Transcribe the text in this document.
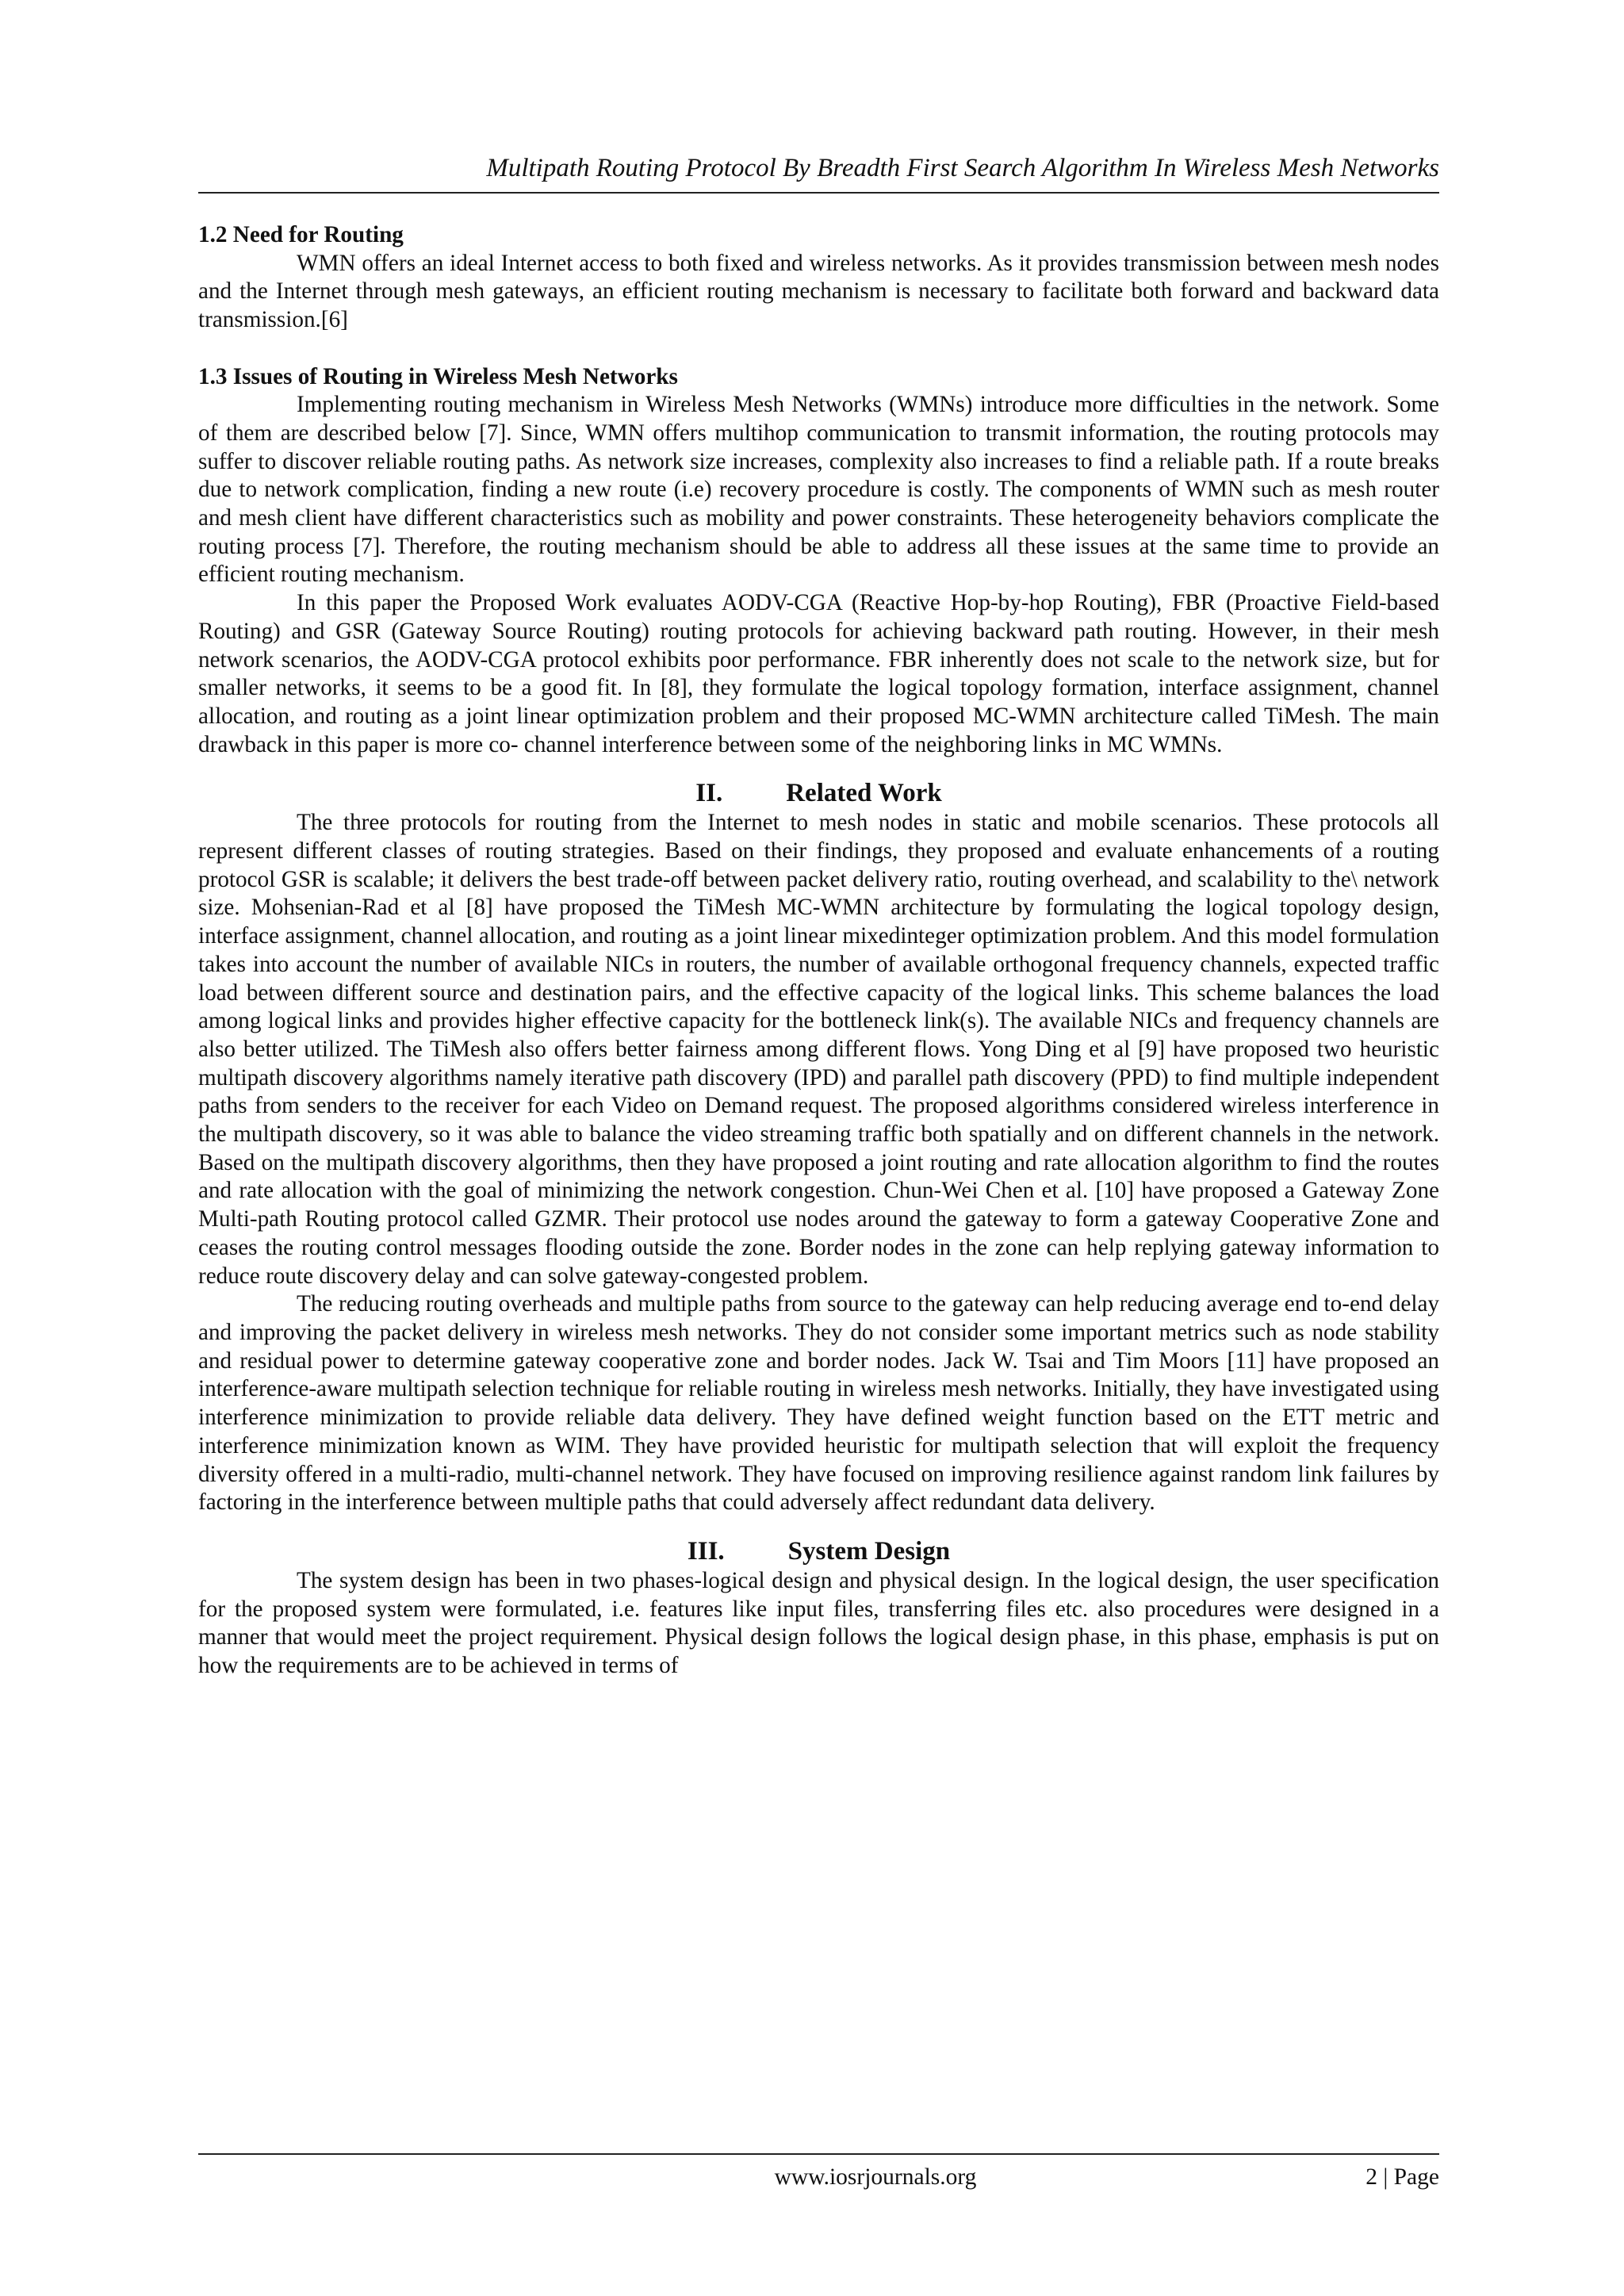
Multipath Routing Protocol By Breadth First Search Algorithm In Wireless Mesh Networks

1.2 Need for Routing

WMN offers an ideal Internet access to both fixed and wireless networks. As it provides transmission between mesh nodes and the Internet through mesh gateways, an efficient routing mechanism is necessary to facilitate both forward and backward data transmission.[6]

1.3 Issues of Routing in Wireless Mesh Networks

Implementing routing mechanism in Wireless Mesh Networks (WMNs) introduce more difficulties in the network. Some of them are described below [7]. Since, WMN offers multihop communication to transmit information, the routing protocols may suffer to discover reliable routing paths. As network size increases, complexity also increases to find a reliable path. If a route breaks due to network complication, finding a new route (i.e) recovery procedure is costly. The components of WMN such as mesh router and mesh client have different characteristics such as mobility and power constraints. These heterogeneity behaviors complicate the routing process [7]. Therefore, the routing mechanism should be able to address all these issues at the same time to provide an efficient routing mechanism.

In this paper the Proposed Work evaluates AODV-CGA (Reactive Hop-by-hop Routing), FBR (Proactive Field-based Routing) and GSR (Gateway Source Routing) routing protocols for achieving backward path routing. However, in their mesh network scenarios, the AODV-CGA protocol exhibits poor performance. FBR inherently does not scale to the network size, but for smaller networks, it seems to be a good fit. In [8], they formulate the logical topology formation, interface assignment, channel allocation, and routing as a joint linear optimization problem and their proposed MC-WMN architecture called TiMesh. The main drawback in this paper is more co- channel interference between some of the neighboring links in MC WMNs.

II. Related Work

The three protocols for routing from the Internet to mesh nodes in static and mobile scenarios. These protocols all represent different classes of routing strategies. Based on their findings, they proposed and evaluate enhancements of a routing protocol GSR is scalable; it delivers the best trade-off between packet delivery ratio, routing overhead, and scalability to the\ network size. Mohsenian-Rad et al [8] have proposed the TiMesh MC-WMN architecture by formulating the logical topology design, interface assignment, channel allocation, and routing as a joint linear mixedinteger optimization problem. And this model formulation takes into account the number of available NICs in routers, the number of available orthogonal frequency channels, expected traffic load between different source and destination pairs, and the effective capacity of the logical links. This scheme balances the load among logical links and provides higher effective capacity for the bottleneck link(s). The available NICs and frequency channels are also better utilized. The TiMesh also offers better fairness among different flows. Yong Ding et al [9] have proposed two heuristic multipath discovery algorithms namely iterative path discovery (IPD) and parallel path discovery (PPD) to find multiple independent paths from senders to the receiver for each Video on Demand request. The proposed algorithms considered wireless interference in the multipath discovery, so it was able to balance the video streaming traffic both spatially and on different channels in the network. Based on the multipath discovery algorithms, then they have proposed a joint routing and rate allocation algorithm to find the routes and rate allocation with the goal of minimizing the network congestion. Chun-Wei Chen et al. [10] have proposed a Gateway Zone Multi-path Routing protocol called GZMR. Their protocol use nodes around the gateway to form a gateway Cooperative Zone and ceases the routing control messages flooding outside the zone. Border nodes in the zone can help replying gateway information to reduce route discovery delay and can solve gateway-congested problem.

The reducing routing overheads and multiple paths from source to the gateway can help reducing average end to-end delay and improving the packet delivery in wireless mesh networks. They do not consider some important metrics such as node stability and residual power to determine gateway cooperative zone and border nodes. Jack W. Tsai and Tim Moors [11] have proposed an interference-aware multipath selection technique for reliable routing in wireless mesh networks. Initially, they have investigated using interference minimization to provide reliable data delivery. They have defined weight function based on the ETT metric and interference minimization known as WIM. They have provided heuristic for multipath selection that will exploit the frequency diversity offered in a multi-radio, multi-channel network. They have focused on improving resilience against random link failures by factoring in the interference between multiple paths that could adversely affect redundant data delivery.

III. System Design

The system design has been in two phases-logical design and physical design. In the logical design, the user specification for the proposed system were formulated, i.e. features like input files, transferring files etc. also procedures were designed in a manner that would meet the project requirement. Physical design follows the logical design phase, in this phase, emphasis is put on how the requirements are to be achieved in terms of

www.iosrjournals.org	2 | Page
